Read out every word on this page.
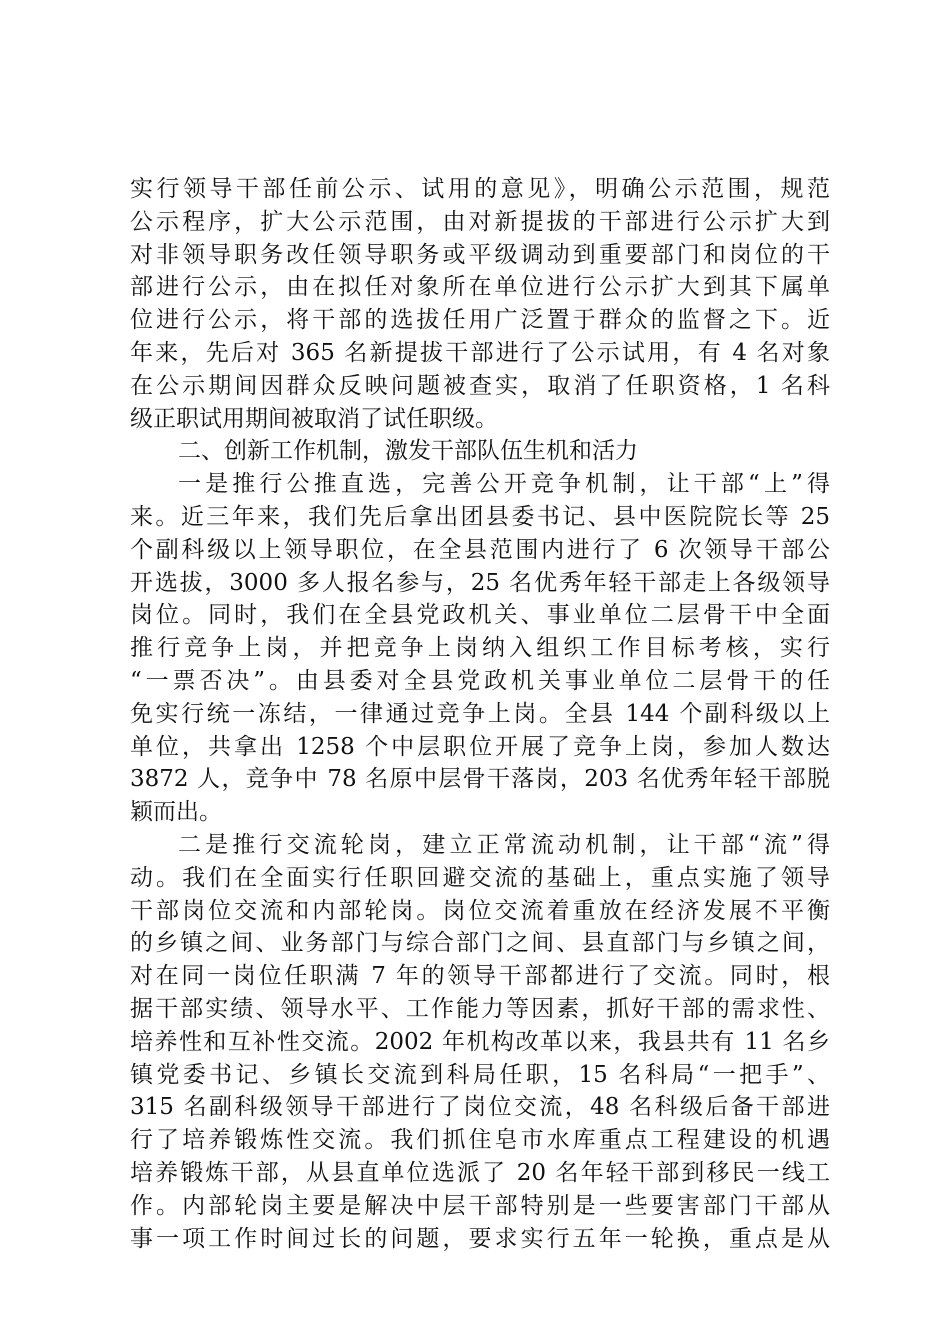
实行领导干部任前公示、试用的意见》，明确公示范围，规范
公示程序，扩大公示范围，由对新提拔的干部进行公示扩大到
对非领导职务改任领导职务或平级调动到重要部门和岗位的干
部进行公示，由在拟任对象所在单位进行公示扩大到其下属单
位进行公示，将干部的选拔任用广泛置于群众的监督之下。近
年来，先后对 365 名新提拔干部进行了公示试用，有 4 名对象
在公示期间因群众反映问题被查实，取消了任职资格，1 名科
级正职试用期间被取消了试任职级。
二、创新工作机制，激发干部队伍生机和活力
一是推行公推直选，完善公开竞争机制，让干部“上”得
来。近三年来，我们先后拿出团县委书记、县中医院院长等 25
个副科级以上领导职位，在全县范围内进行了 6 次领导干部公
开选拔，3000 多人报名参与，25 名优秀年轻干部走上各级领导
岗位。同时，我们在全县党政机关、事业单位二层骨干中全面
推行竞争上岗，并把竞争上岗纳入组织工作目标考核，实行
“一票否决”。由县委对全县党政机关事业单位二层骨干的任
免实行统一冻结，一律通过竞争上岗。全县 144 个副科级以上
单位，共拿出 1258 个中层职位开展了竞争上岗，参加人数达
3872 人，竞争中 78 名原中层骨干落岗，203 名优秀年轻干部脱
颖而出。
二是推行交流轮岗，建立正常流动机制，让干部“流”得
动。我们在全面实行任职回避交流的基础上，重点实施了领导
干部岗位交流和内部轮岗。岗位交流着重放在经济发展不平衡
的乡镇之间、业务部门与综合部门之间、县直部门与乡镇之间，
对在同一岗位任职满 7 年的领导干部都进行了交流。同时，根
据干部实绩、领导水平、工作能力等因素，抓好干部的需求性、
培养性和互补性交流。2002 年机构改革以来，我县共有 11 名乡
镇党委书记、乡镇长交流到科局任职，15 名科局“一把手”、
315 名副科级领导干部进行了岗位交流，48 名科级后备干部进
行了培养锻炼性交流。我们抓住皂市水库重点工程建设的机遇
培养锻炼干部，从县直单位选派了 20 名年轻干部到移民一线工
作。内部轮岗主要是解决中层干部特别是一些要害部门干部从
事一项工作时间过长的问题，要求实行五年一轮换，重点是从
